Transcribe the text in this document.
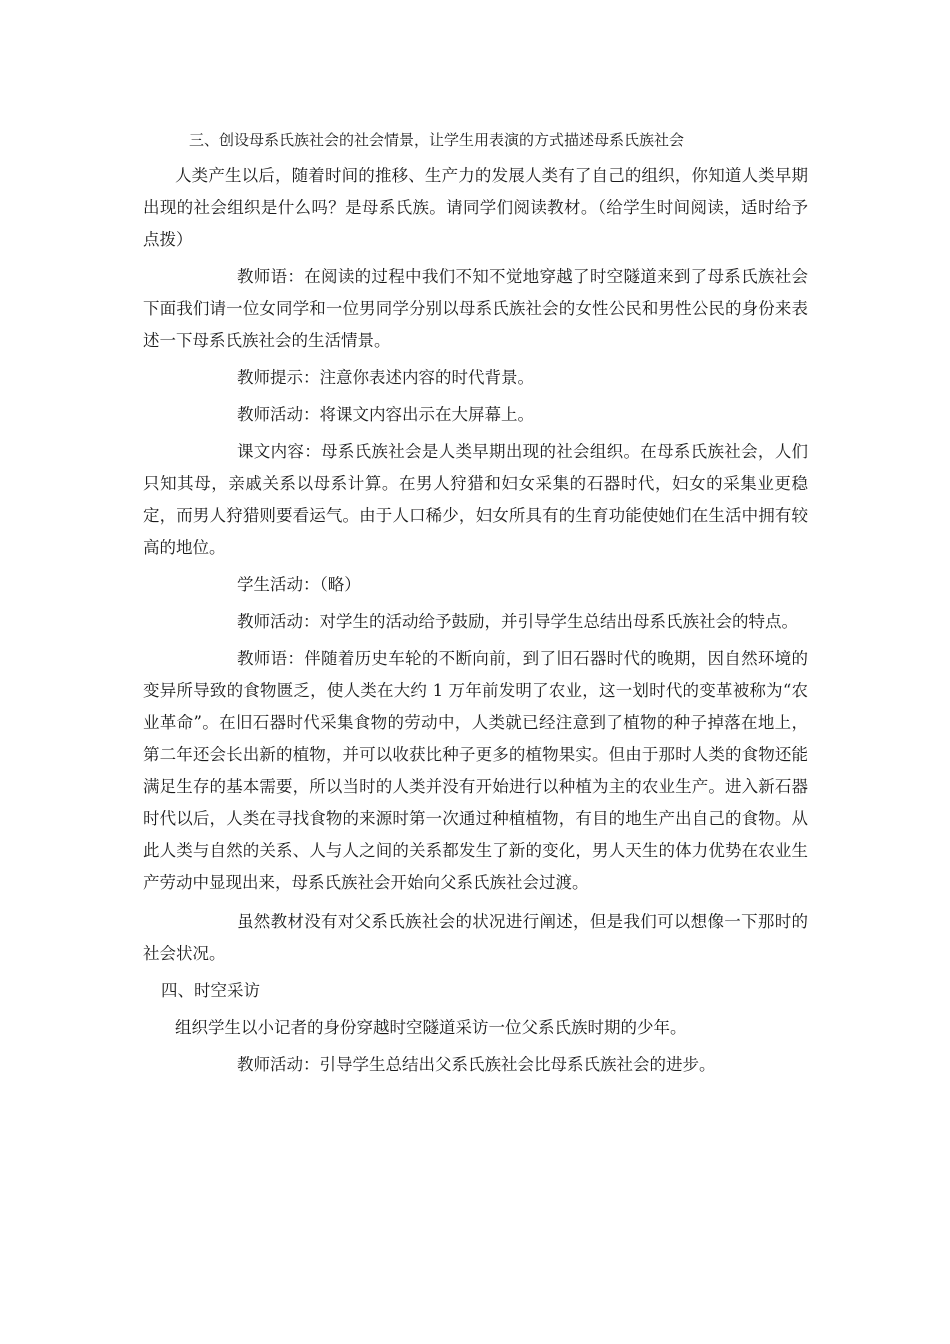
三、创设母系氏族社会的社会情景，让学生用表演的方式描述母系氏族社会

人类产生以后，随着时间的推移、生产力的发展人类有了自己的组织，你知道人类早期出现的社会组织是什么吗？是母系氏族。请同学们阅读教材。（给学生时间阅读，适时给予点拨）

教师语：在阅读的过程中我们不知不觉地穿越了时空隧道来到了母系氏族社会下面我们请一位女同学和一位男同学分别以母系氏族社会的女性公民和男性公民的身份来表述一下母系氏族社会的生活情景。

教师提示：注意你表述内容的时代背景。

教师活动：将课文内容出示在大屏幕上。

课文内容：母系氏族社会是人类早期出现的社会组织。在母系氏族社会，人们只知其母，亲戚关系以母系计算。在男人狩猎和妇女采集的石器时代，妇女的采集业更稳定，而男人狩猎则要看运气。由于人口稀少，妇女所具有的生育功能使她们在生活中拥有较高的地位。

学生活动：（略）

教师活动：对学生的活动给予鼓励，并引导学生总结出母系氏族社会的特点。

教师语：伴随着历史车轮的不断向前，到了旧石器时代的晚期，因自然环境的变异所导致的食物匮乏，使人类在大约 1 万年前发明了农业，这一划时代的变革被称为“农业革命”。在旧石器时代采集食物的劳动中，人类就已经注意到了植物的种子掉落在地上，第二年还会长出新的植物，并可以收获比种子更多的植物果实。但由于那时人类的食物还能满足生存的基本需要，所以当时的人类并没有开始进行以种植为主的农业生产。进入新石器时代以后，人类在寻找食物的来源时第一次通过种植植物，有目的地生产出自己的食物。从此人类与自然的关系、人与人之间的关系都发生了新的变化，男人天生的体力优势在农业生产劳动中显现出来，母系氏族社会开始向父系氏族社会过渡。

虽然教材没有对父系氏族社会的状况进行阐述，但是我们可以想像一下那时的社会状况。

四、时空采访

组织学生以小记者的身份穿越时空隧道采访一位父系氏族时期的少年。

教师活动：引导学生总结出父系氏族社会比母系氏族社会的进步。
